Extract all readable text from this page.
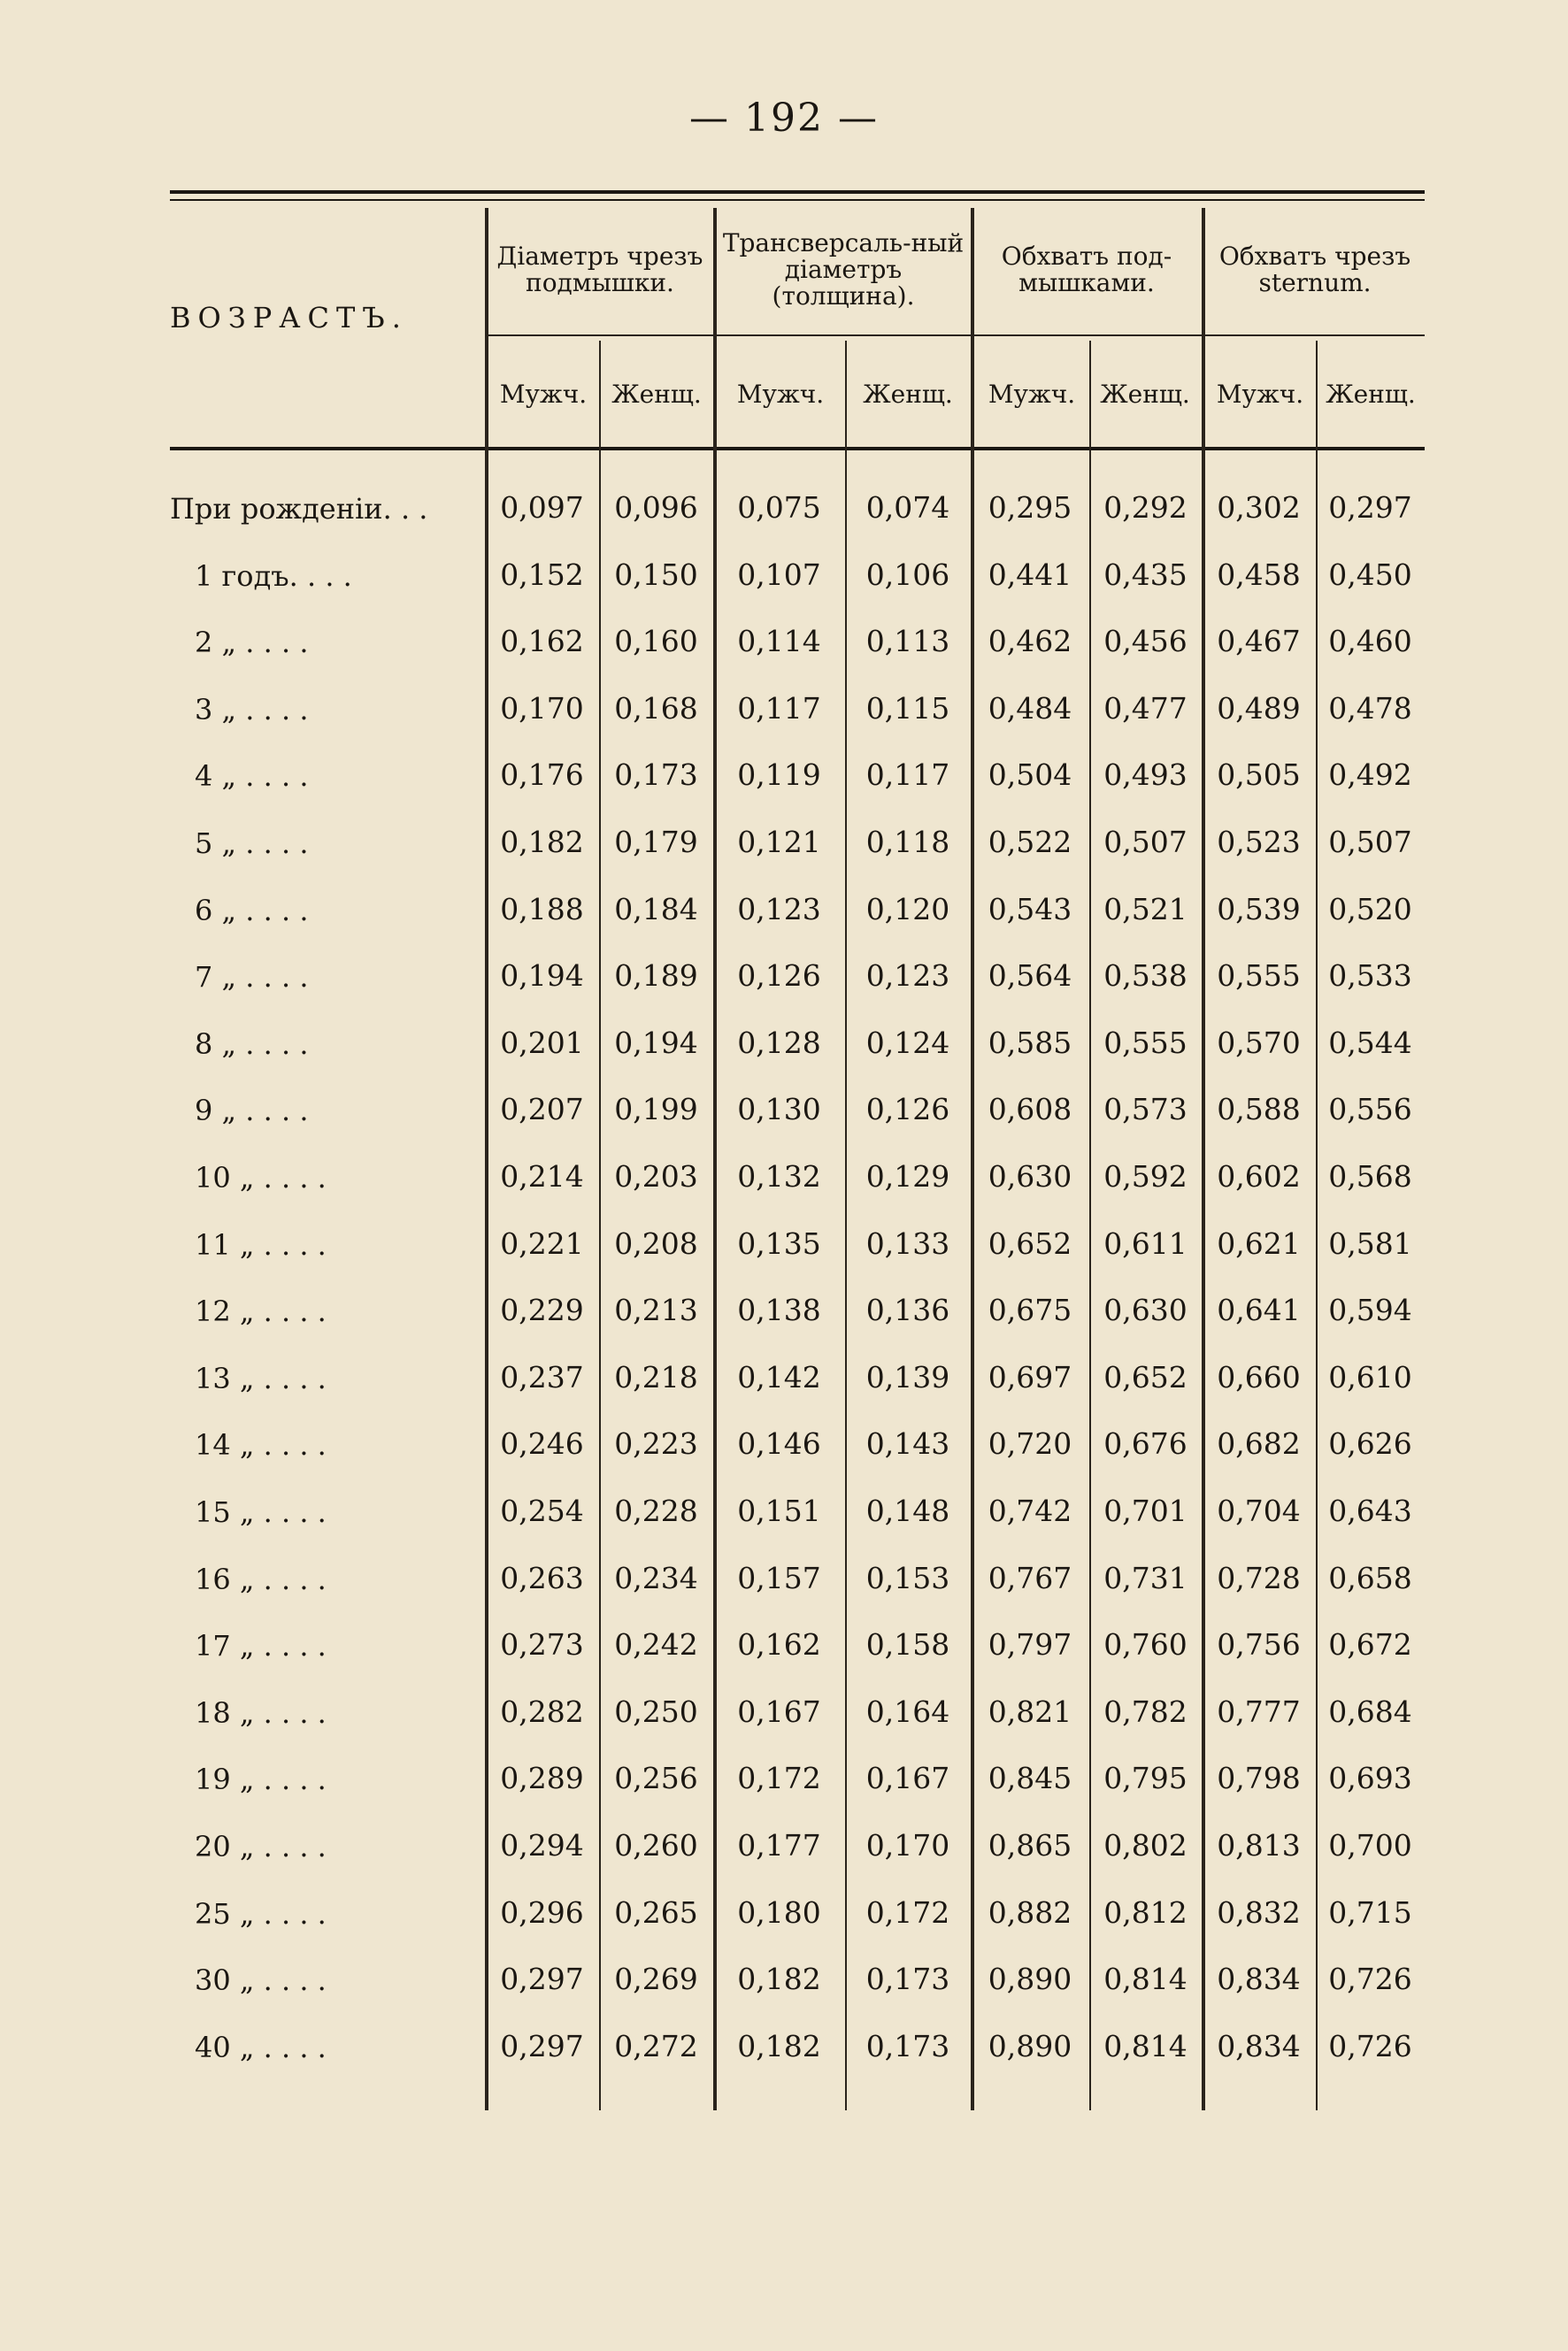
— 192 —
ВОЗРАСТЪ.
Діаметръ чрезъ подмышки.
Трансверсаль-ный діаметръ (толщина).
Обхватъ под-мышками.
Обхватъ чрезъ sternum.
Мужч.	Женщ.	Мужч.	Женщ.	Мужч.	Женщ.	Мужч. Женщ.
При рожденіи. . .	0,097	0,096	0,075	0,074	0,295	0,292	0,302 0,297
1 годъ. . . .	0,152	0,150	0,107	0,106	0,441	0,435	0,458 0,450
2 „ . . . .	0,162	0,160	0,114	0,113	0,462	0,456	0,467 0,460
3 „ . . . .	0,170	0,168	0,117	0,115	0,484	0,477	0,489 0,478
4 „ . . . .	0,176	0,173	0,119	0,117	0,504	0,493	0,505 0,492
5 „ . . . .	0,182	0,179	0,121	0,118	0,522	0,507	0,523 0,507
6 „ . . . .	0,188	0,184	0,123	0,120	0,543	0,521	0,539 0,520
7 „ . . . .	0,194	0,189	0,126	0,123	0,564	0,538	0,555 0,533
8 „ . . . .	0,201	0,194	0,128	0,124	0,585	0,555	0,570 0,544
9 „ . . . .	0,207	0,199	0,130	0,126	0,608	0,573	0,588 0,556
10 „ . . . .	0,214	0,203	0,132	0,129	0,630	0,592	0,602 0,568
11 „ . . . .	0,221	0,208	0,135	0,133	0,652	0,611	0,621 0,581
12 „ . . . .	0,229	0,213	0,138	0,136	0,675	0,630	0,641 0,594
13 „ . . . .	0,237	0,218	0,142	0,139	0,697	0,652	0,660 0,610
14 „ . . . .	0,246	0,223	0,146	0,143	0,720	0,676	0,682 0,626
15 „ . . . .	0,254	0,228	0,151	0,148	0,742	0,701	0,704 0,643
16 „ . . . .	0,263	0,234	0,157	0,153	0,767	0,731	0,728 0,658
17 „ . . . .	0,273	0,242	0,162	0,158	0,797	0,760	0,756 0,672
18 „ . . . .	0,282	0,250	0,167	0,164	0,821	0,782	0,777 0,684
19 „ . . . .	0,289	0,256	0,172	0,167	0,845	0,795	0,798 0,693
20 „ . . . .	0,294	0,260	0,177	0,170	0,865	0,802	0,813 0,700
25 „ . . . .	0,296	0,265	0,180	0,172	0,882	0,812	0,832 0,715
30 „ . . . .	0,297	0,269	0,182	0,173	0,890	0,814	0,834 0,726
40 „ . . . .	0,297	0,272	0,182	0,173	0,890	0,814	0,834 0,726
